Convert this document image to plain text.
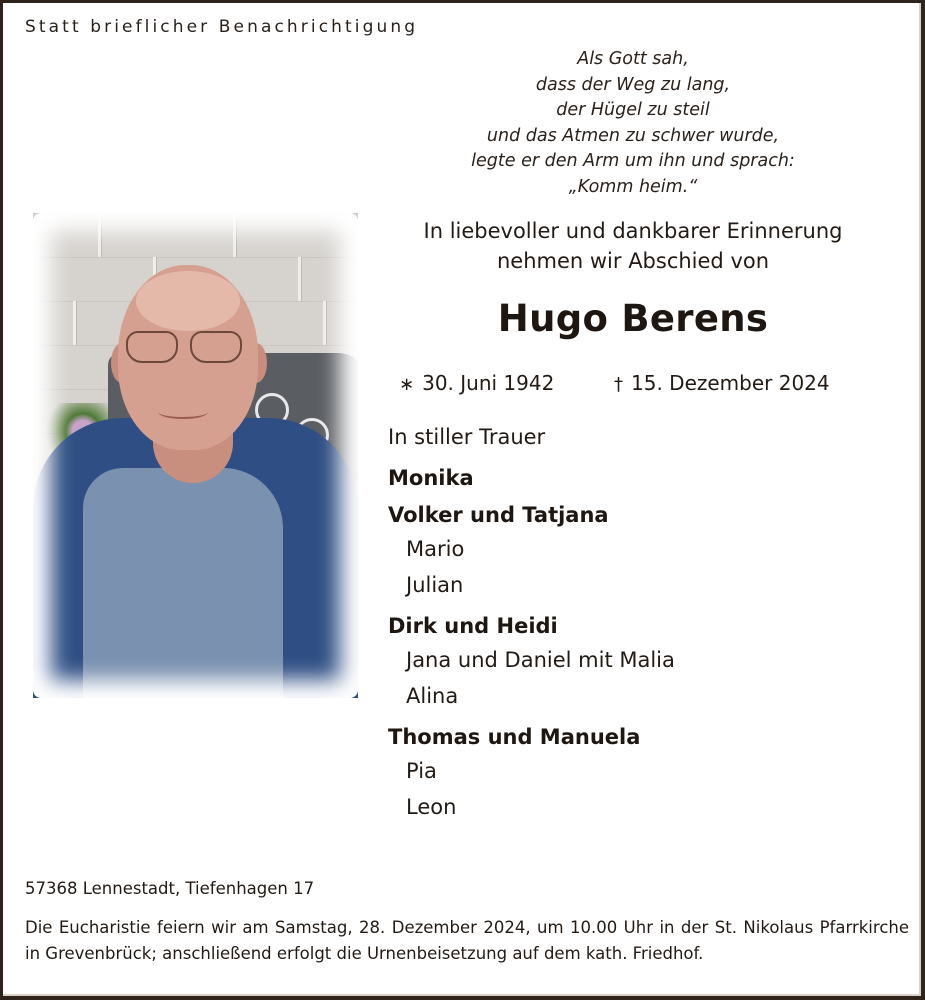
Statt brieflicher Benachrichtigung
Als Gott sah,
dass der Weg zu lang,
der Hügel zu steil
und das Atmen zu schwer wurde,
legte er den Arm um ihn und sprach:
„Komm heim.“
In liebevoller und dankbarer Erinnerung
nehmen wir Abschied von
Hugo Berens
∗ 30. Juni 1942	† 15. Dezember 2024
In stiller Trauer
Monika
Volker und Tatjana
Mario
Julian
Dirk und Heidi
Jana und Daniel mit Malia
Alina
Thomas und Manuela
Pia
Leon
57368 Lennestadt, Tiefenhagen 17
Die Eucharistie feiern wir am Samstag, 28. Dezember 2024, um 10.00 Uhr in der St. Nikolaus Pfarrkirche in Grevenbrück; anschließend erfolgt die Urnenbeisetzung auf dem kath. Friedhof.
